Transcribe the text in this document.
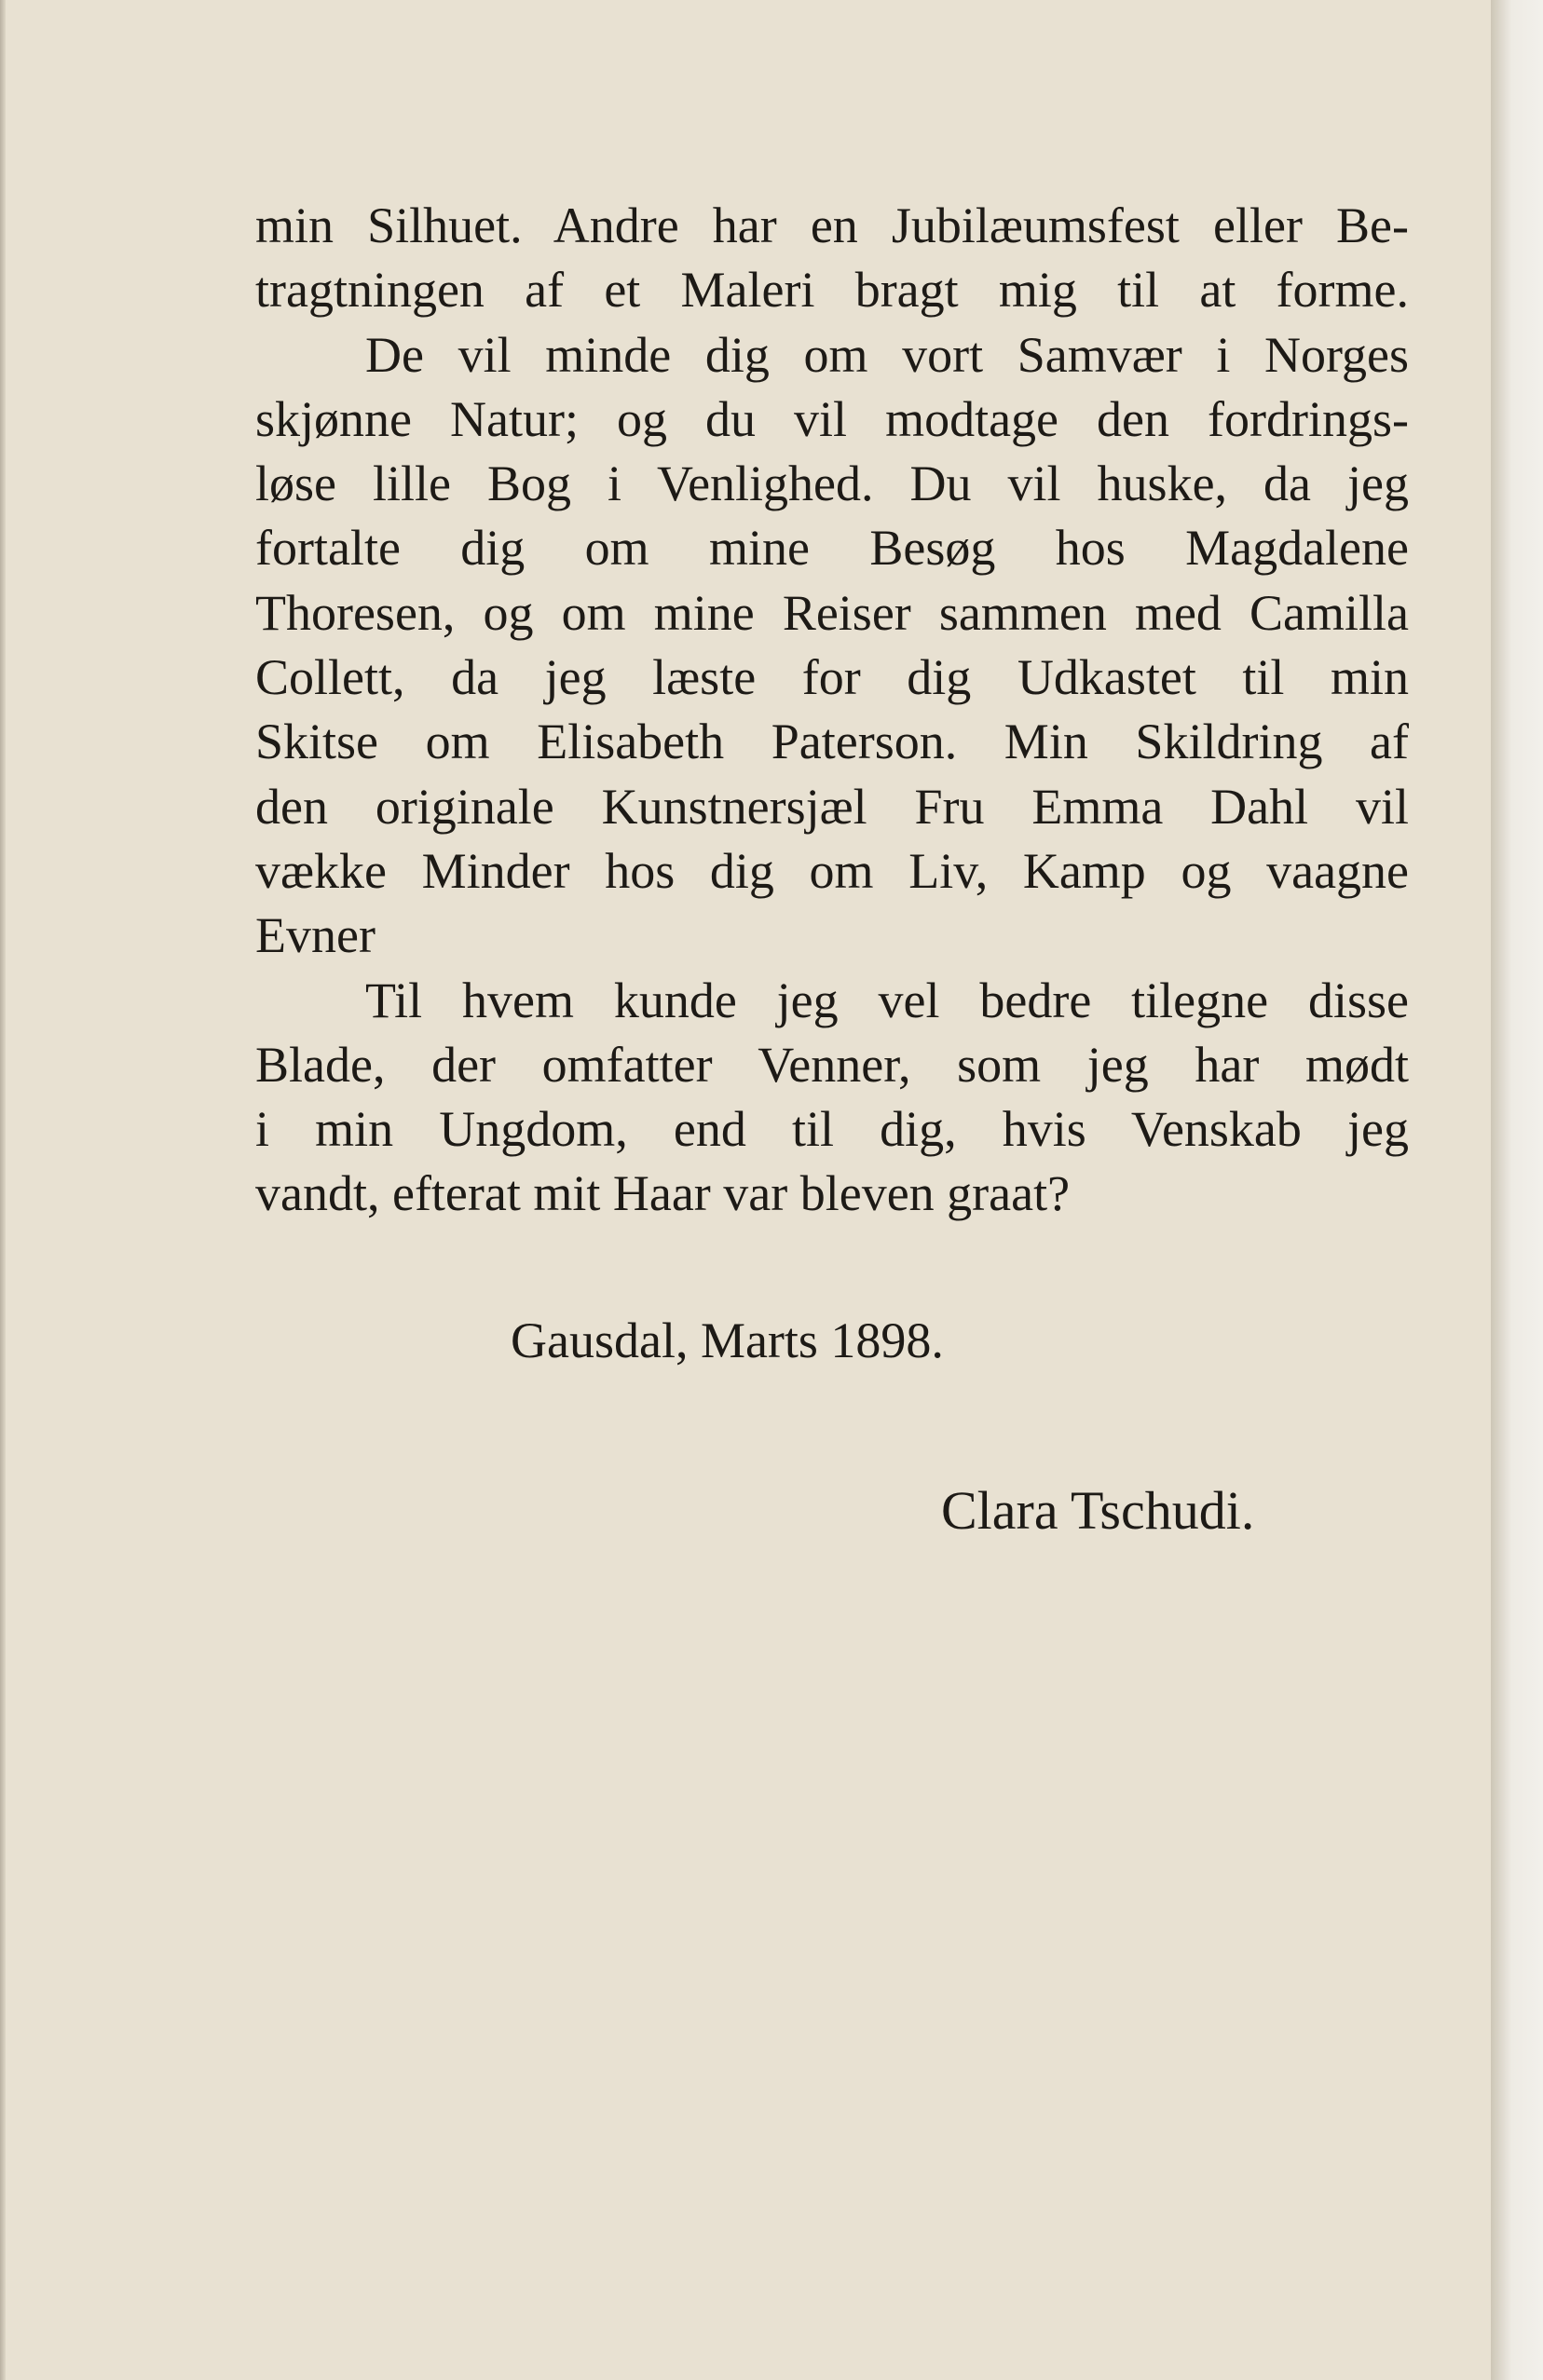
min Silhuet. Andre har en Jubilæumsfest eller Be-
tragtningen af et Maleri bragt mig til at forme.
De vil minde dig om vort Samvær i Norges
skjønne Natur; og du vil modtage den fordrings-
løse lille Bog i Venlighed. Du vil huske, da jeg
fortalte dig om mine Besøg hos Magdalene
Thoresen, og om mine Reiser sammen med Camilla
Collett, da jeg læste for dig Udkastet til min
Skitse om Elisabeth Paterson. Min Skildring af
den originale Kunstnersjæl Fru Emma Dahl vil
vække Minder hos dig om Liv, Kamp og vaagne
Evner
Til hvem kunde jeg vel bedre tilegne disse
Blade, der omfatter Venner, som jeg har mødt
i min Ungdom, end til dig, hvis Venskab jeg
vandt, efterat mit Haar var bleven graat?
Gausdal, Marts 1898.
Clara Tschudi.
